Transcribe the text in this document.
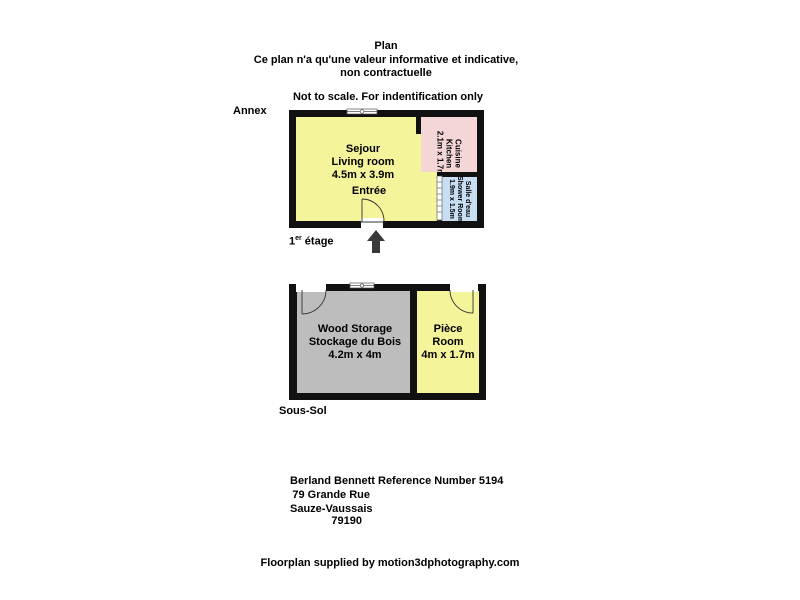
Plan
Ce plan n'a qu'une valeur informative et indicative,
non contractuelle
Not to scale. For indentification only
Annex
Sejour
Living room
4.5m x 3.9m
Entrée
Cuisine
Kitchen
2.1m x 1.7m
Salle d'eau
Shower Room
1.9m x 1.5m
1er étage
Wood Storage
Stockage du Bois
4.2m x 4m
Pièce
Room
4m x 1.7m
Sous-Sol
Berland Bennett
79 Grande Rue
Sauze-Vaussais
79190
Reference Number 5194
Floorplan supplied by motion3dphotography.com
